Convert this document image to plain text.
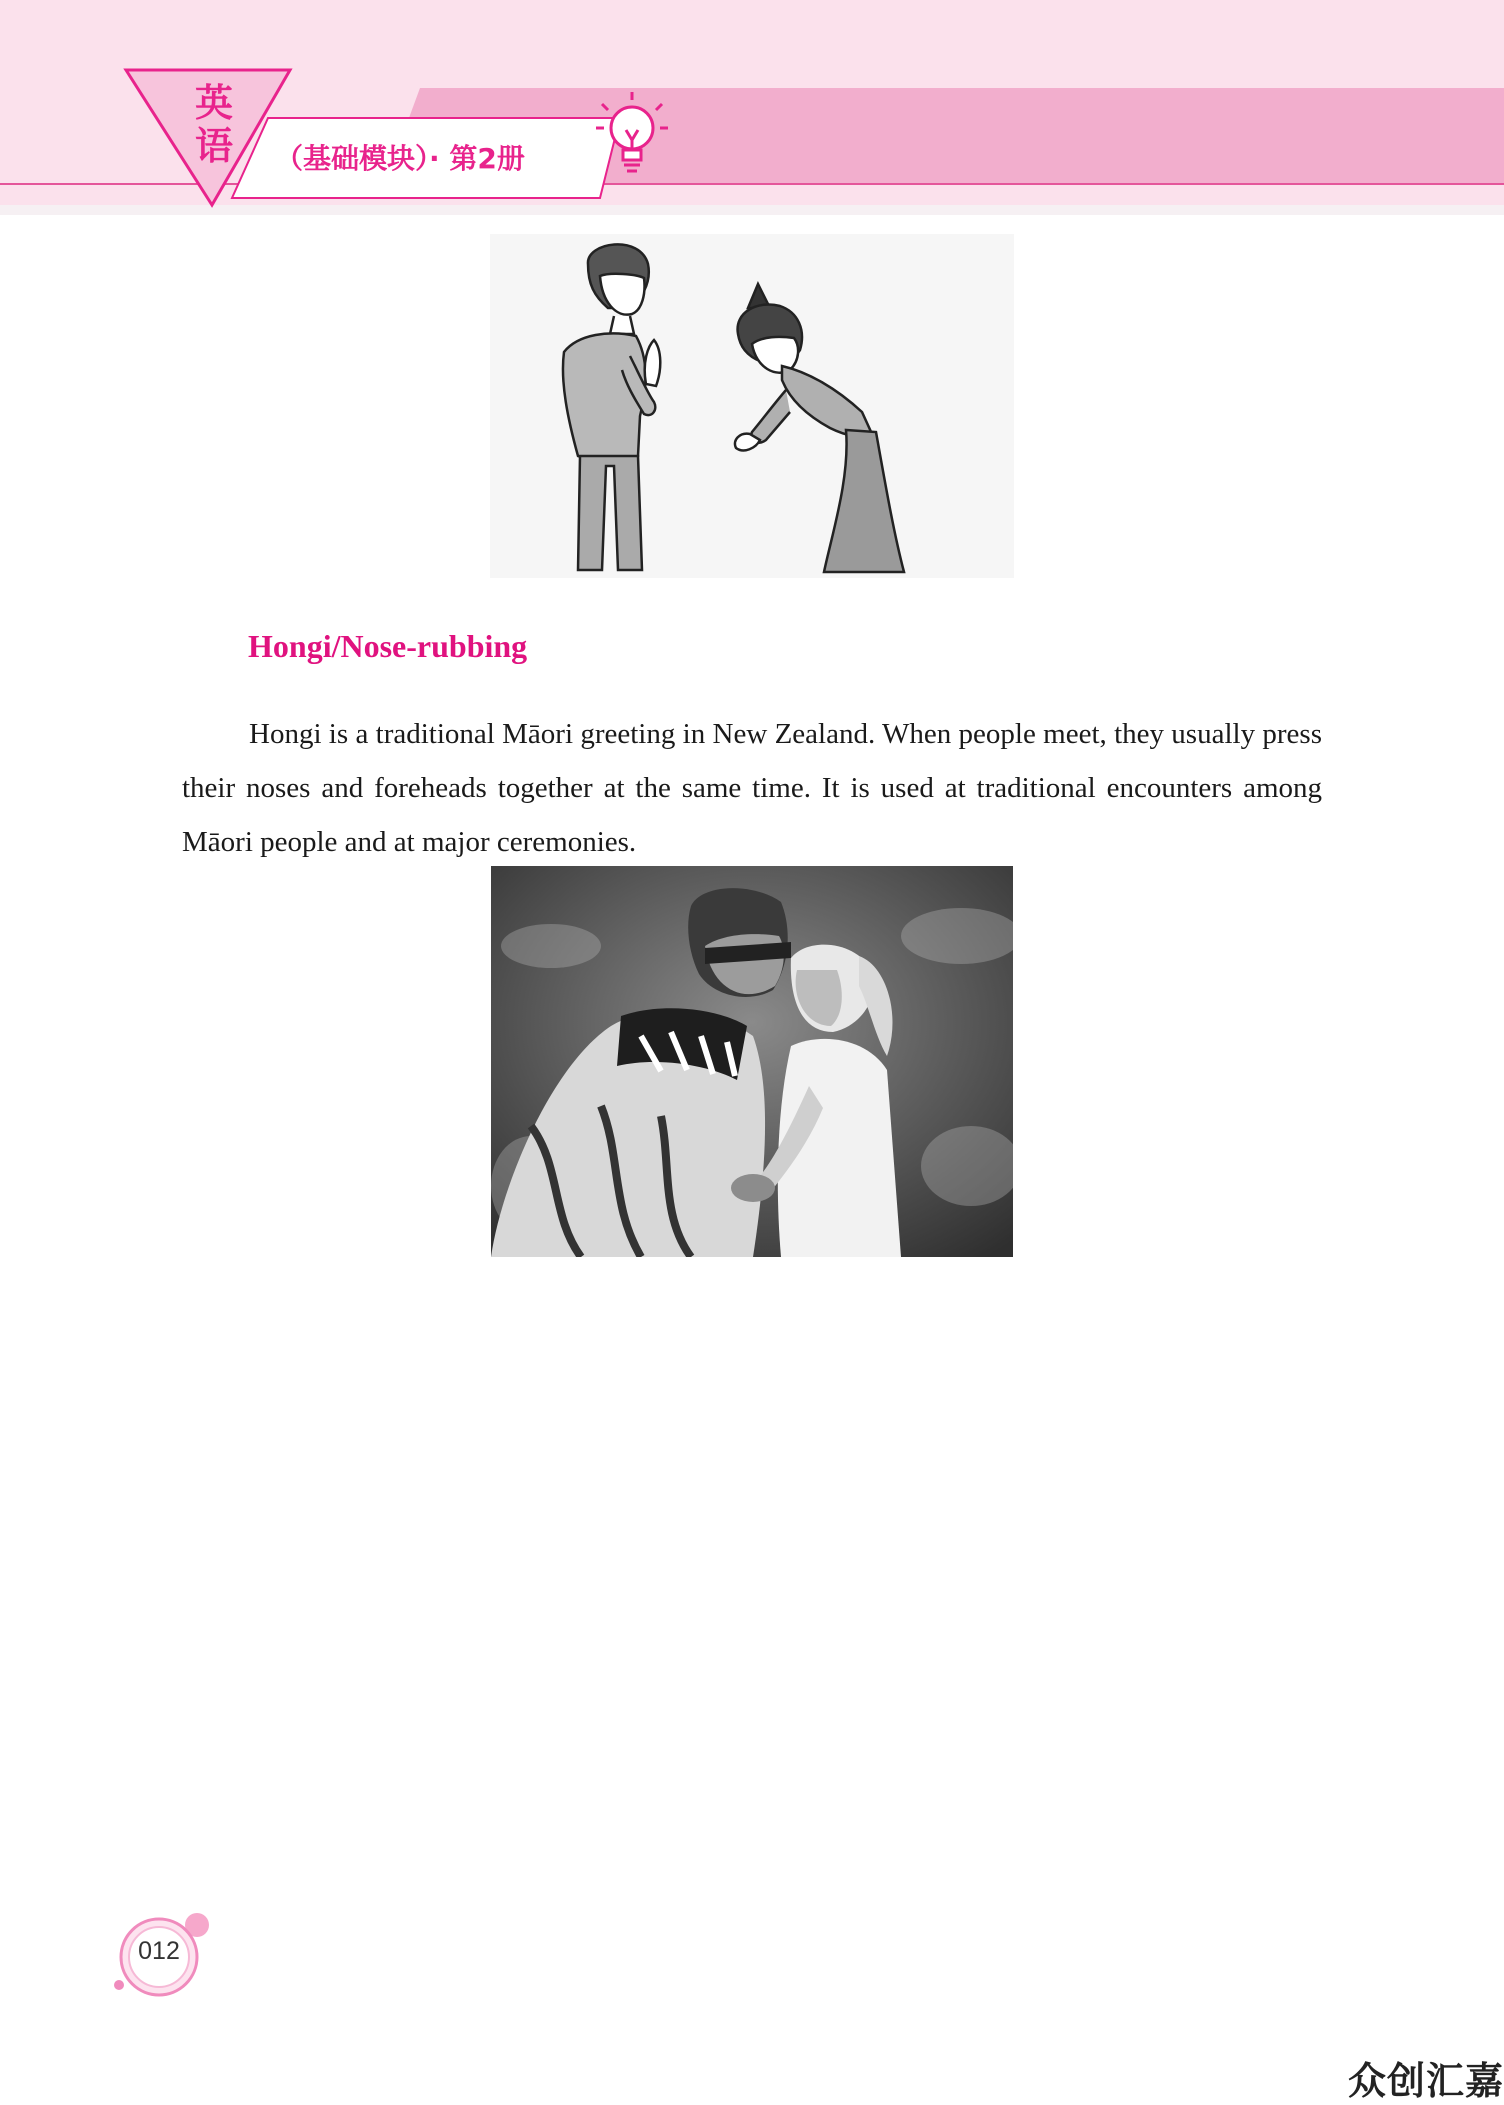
英
语 （基础模块）· 第2册
Hongi/Nose-rubbing

Hongi is a traditional Māori greeting in New Zealand. When people meet, they usually press their noses and foreheads together at the same time. It is used at traditional encounters among Māori people and at major ceremonies.

012
众创汇嘉
